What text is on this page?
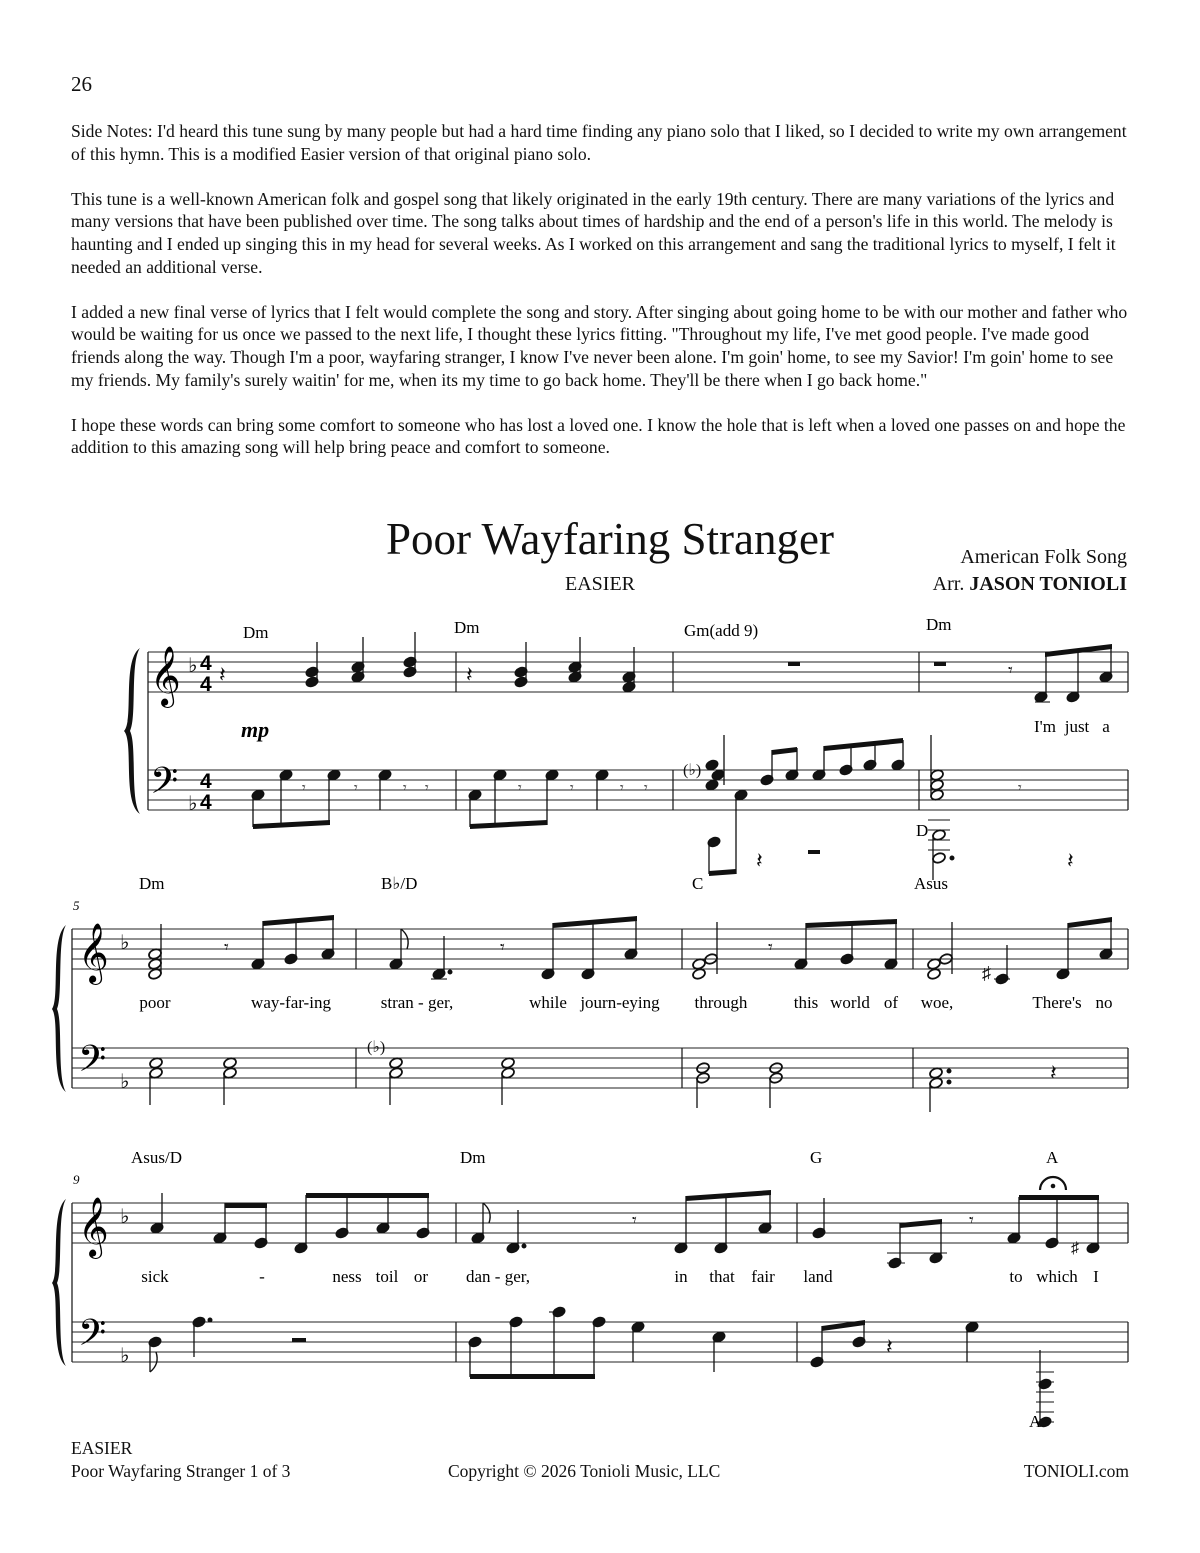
26

Side Notes: I'd heard this tune sung by many people but had a hard time finding any piano solo that I liked, so I decided to write my own arrangement of this hymn. This is a modified Easier version of that original piano solo.

This tune is a well-known American folk and gospel song that likely originated in the early 19th century. There are many variations of the lyrics and many versions that have been published over time. The song talks about times of hardship and the end of a person's life in this world. The melody is haunting and I ended up singing this in my head for several weeks. As I worked on this arrangement and sang the traditional lyrics to myself, I felt it needed an additional verse.

I added a new final verse of lyrics that I felt would complete the song and story. After singing about going home to be with our mother and father who would be waiting for us once we passed to the next life, I thought these lyrics fitting. "Throughout my life, I've met good people. I've made good friends along the way. Though I'm a poor, wayfaring stranger, I know I've never been alone. I'm goin' home, to see my Savior! I'm goin' home to see my friends. My family's surely waitin' for me, when its my time to go back home. They'll be there when I go back home."

I hope these words can bring some comfort to someone who has lost a loved one. I know the hole that is left when a loved one passes on and hope the addition to this amazing song will help bring peace and comfort to someone.

Poor Wayfaring Stranger
EASIER
American Folk Song
Arr. JASON TONIOLI
𝄞
𝄢
♭
♭
4
4
4
4
mp
Dm	Dm	Gm(add 9)	Dm
𝄽	𝄽	𝄾
𝄾	𝄾	𝄾 𝄾	𝄾	𝄾	𝄾 𝄾
(♭)
𝄽
𝄾
𝄽
D
I'm just a
5
𝄞
𝄢
♭
♭
Dm	B♭/D	C	Asus
𝄾	𝄾	𝄾
♯
(♭)
𝄽
poor	way-far-ing	stran - ger,	while journ-eying through	this world of woe,	There's no
9
𝄞
𝄢
♭
♭
Asus/D	Dm	G	A
𝄾	𝄾
♯
𝄽
A
sick	-	ness toil or dan - ger,	in that fair land	to which I
EASIER
Poor Wayfaring Stranger 1 of 3	Copyright © 2026 Tonioli Music, LLC	TONIOLI.com
